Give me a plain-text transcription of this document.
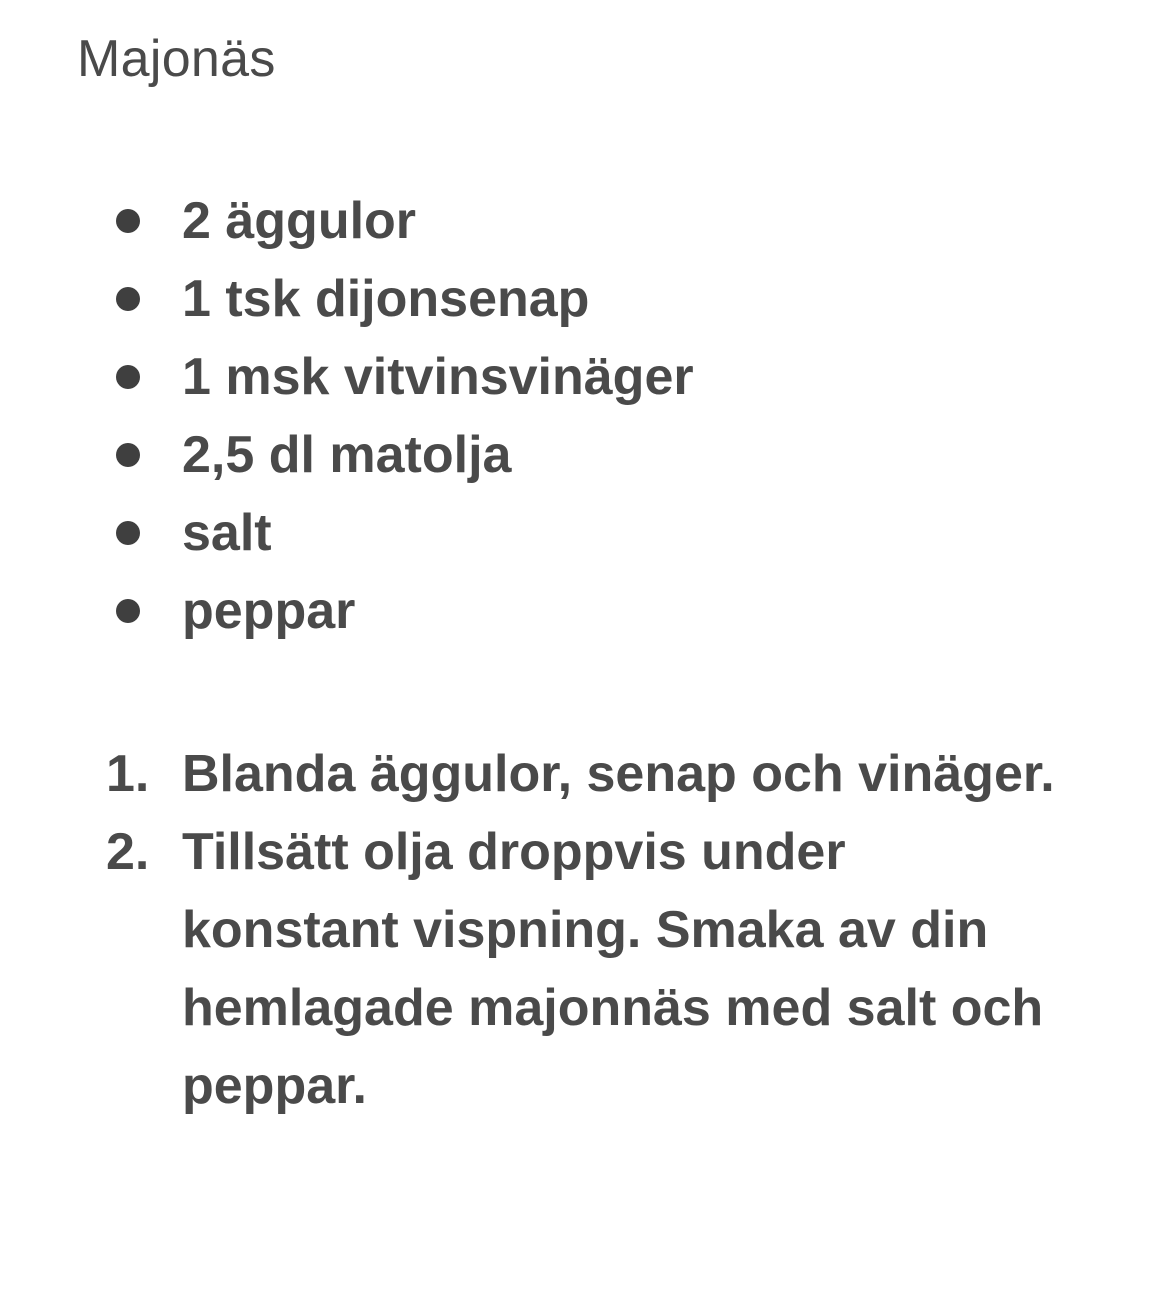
Majonäs
2 äggulor
1 tsk dijonsenap
1 msk vitvinsvinäger
2,5 dl matolja
salt
peppar
1. Blanda äggulor, senap och vinäger.
2. Tillsätt olja droppvis under konstant vispning. Smaka av din hemlagade majonnäs med salt och peppar.
